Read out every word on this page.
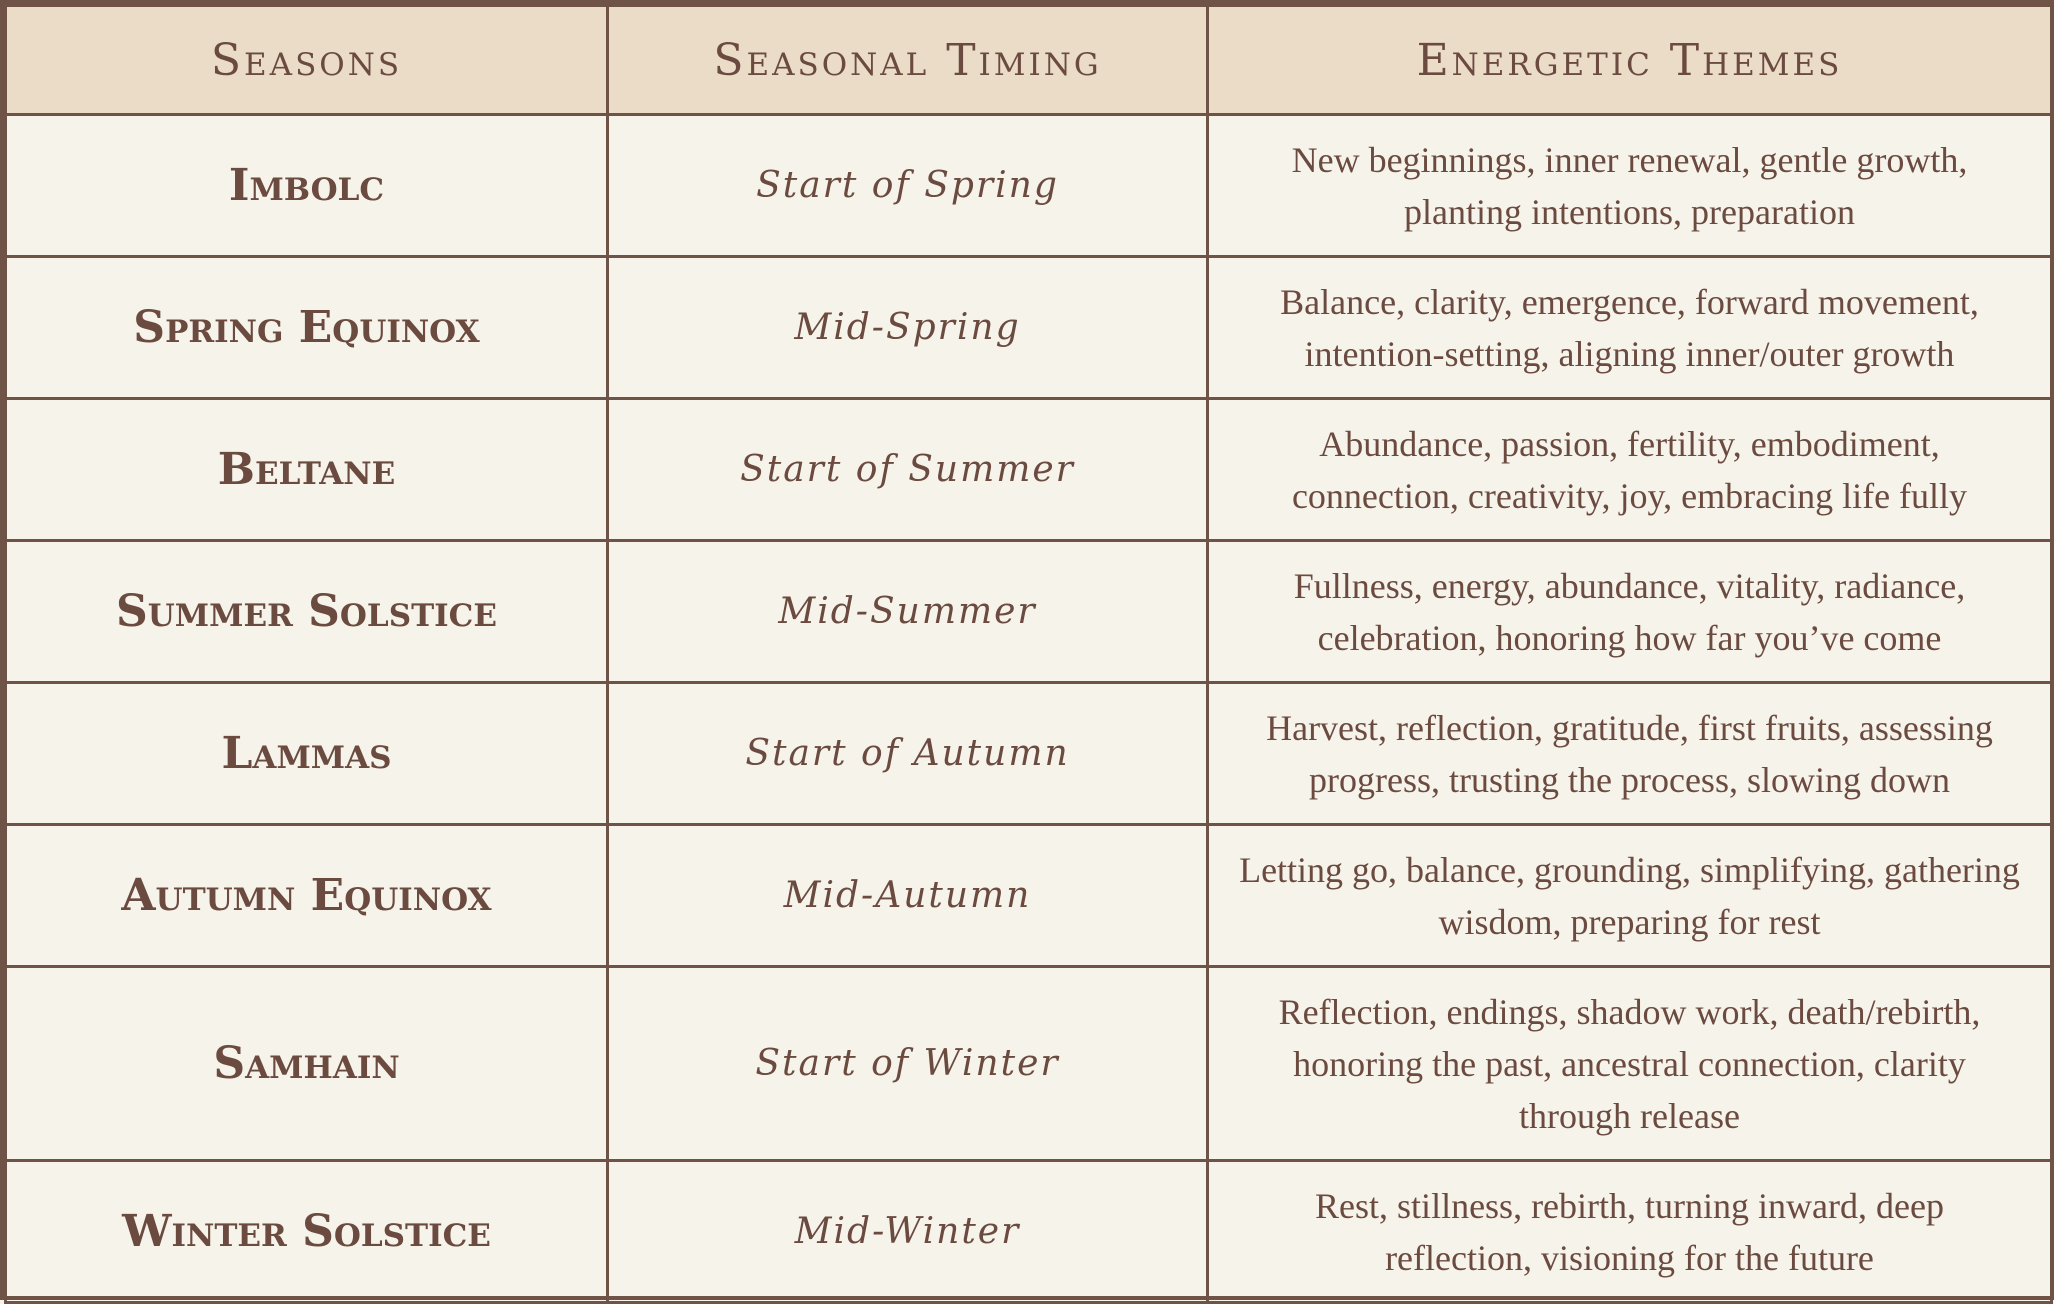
Seasons	Seasonal Timing	Energetic Themes
Imbolc	Start of Spring	New beginnings, inner renewal, gentle growth, planting intentions, preparation
Spring Equinox	Mid-Spring	Balance, clarity, emergence, forward movement, intention-setting, aligning inner/outer growth
Beltane	Start of Summer	Abundance, passion, fertility, embodiment, connection, creativity, joy, embracing life fully
Summer Solstice	Mid-Summer	Fullness, energy, abundance, vitality, radiance, celebration, honoring how far you’ve come
Lammas	Start of Autumn	Harvest, reflection, gratitude, first fruits, assessing progress, trusting the process, slowing down
Autumn Equinox	Mid-Autumn	Letting go, balance, grounding, simplifying, gathering wisdom, preparing for rest
Samhain	Start of Winter	Reflection, endings, shadow work, death/rebirth, honoring the past, ancestral connection, clarity through release
Winter Solstice	Mid-Winter	Rest, stillness, rebirth, turning inward, deep reflection, visioning for the future
